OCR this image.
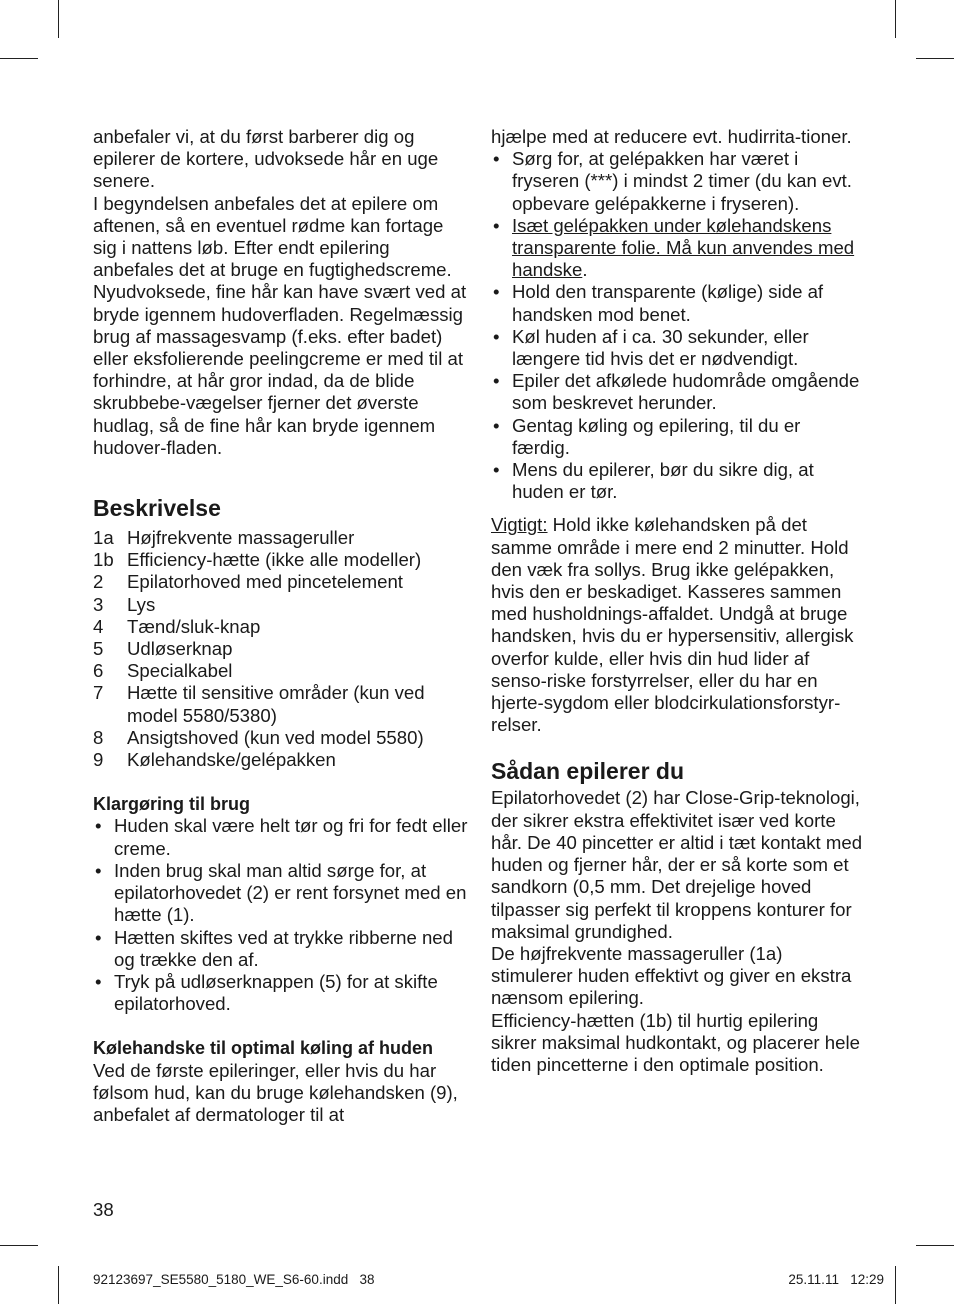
anbefaler vi, at du først barberer dig og epilerer de kortere, udvoksede hår en uge senere.

I begyndelsen anbefales det at epilere om aftenen, så en eventuel rødme kan fortage sig i nattens løb. Efter endt epilering anbefales det at bruge en fugtighedscreme.

Nyudvoksede, fine hår kan have svært ved at bryde igennem hudoverfladen. Regelmæssig brug af massagesvamp (f.eks. efter badet) eller eksfolierende peelingcreme er med til at forhindre, at hår gror indad, da de blide skrubbebe-vægelser fjerner det øverste hudlag, så de fine hår kan bryde igennem hudover-fladen.

Beskrivelse
1a Højfrekvente massageruller
1b Efficiency-hætte (ikke alle modeller)
2	Epilatorhoved med pincetelement
3	Lys
4	Tænd/sluk-knap
5	Udløserknap
6	Specialkabel
7	Hætte til sensitive områder (kun ved model 5580/5380)
8	Ansigtshoved (kun ved model 5580)
9	Kølehandske/gelépakken
Klargøring til brug
• Huden skal være helt tør og fri for fedt eller creme.
• Inden brug skal man altid sørge for, at epilatorhovedet (2) er rent forsynet med en hætte (1).
• Hætten skiftes ved at trykke ribberne ned og trække den af.
• Tryk på udløserknappen (5) for at skifte epilatorhoved.
Kølehandske til optimal køling af huden

Ved de første epileringer, eller hvis du har følsom hud, kan du bruge kølehandsken (9), anbefalet af dermatologer til at

hjælpe med at reducere evt. hudirrita-tioner.

• Sørg for, at gelépakken har været i fryseren (***) i mindst 2 timer (du kan evt. opbevare gelépakkerne i fryseren).
• Isæt gelépakken under kølehandskens transparente folie. Må kun anvendes med handske.
• Hold den transparente (kølige) side af handsken mod benet.
• Køl huden af i ca. 30 sekunder, eller længere tid hvis det er nødvendigt.
• Epiler det afkølede hudområde omgående som beskrevet herunder.
• Gentag køling og epilering, til du er færdig.
• Mens du epilerer, bør du sikre dig, at huden er tør.

Vigtigt: Hold ikke kølehandsken på det samme område i mere end 2 minutter. Hold den væk fra sollys. Brug ikke gelépakken, hvis den er beskadiget. Kasseres sammen med husholdnings-affaldet. Undgå at bruge handsken, hvis du er hypersensitiv, allergisk overfor kulde, eller hvis din hud lider af senso-riske forstyrrelser, eller du har en hjerte-sygdom eller blodcirkulationsforstyr-relser.

Sådan epilerer du

Epilatorhovedet (2) har Close-Grip-teknologi, der sikrer ekstra effektivitet især ved korte hår. De 40 pincetter er altid i tæt kontakt med huden og fjerner hår, der er så korte som et sandkorn (0,5 mm. Det drejelige hoved tilpasser sig perfekt til kroppens konturer for maksimal grundighed.

De højfrekvente massageruller (1a) stimulerer huden effektivt og giver en ekstra nænsom epilering.

Efficiency-hætten (1b) til hurtig epilering sikrer maksimal hudkontakt, og placerer hele tiden pincetterne i den optimale position.

38
92123697_SE5580_5180_WE_S6-60.indd   38	25.11.11   12:29
